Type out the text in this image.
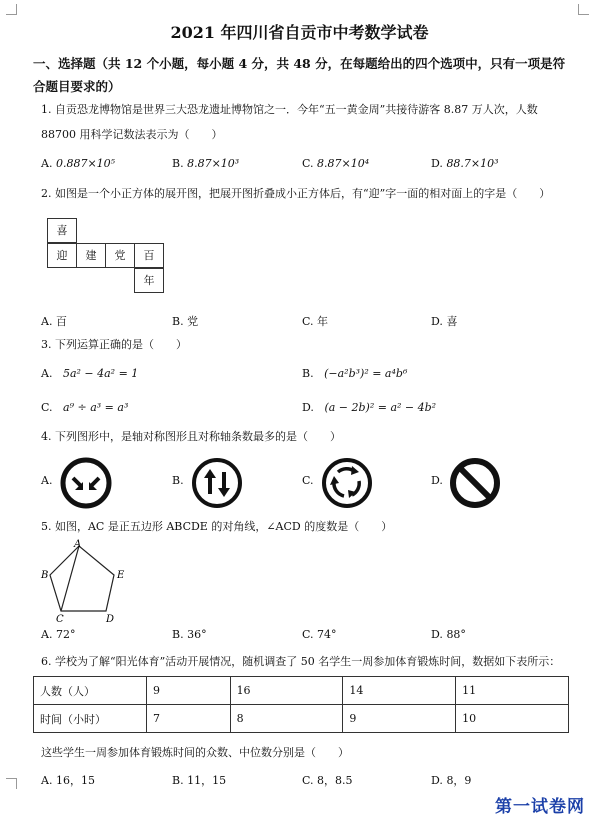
2021 年四川省自贡市中考数学试卷
一、选择题（共 12 个小题，每小题 4 分，共 48 分，在每题给出的四个选项中，只有一项是符合题目要求的）
1. 自贡恐龙博物馆是世界三大恐龙遗址博物馆之一．今年“五一黄金周”共接待游客 8.87 万人次，人数
88700 用科学记数法表示为（　　）
A. 0.887×10⁵	B. 8.87×10³	C. 8.87×10⁴	D. 88.7×10³
2. 如图是一个小正方体的展开图，把展开图折叠成小正方体后，有“迎”字一面的相对面上的字是（　　）
喜
迎	建	党	百
年
A. 百	B. 党	C. 年	D. 喜
3. 下列运算正确的是（　　）
A. 5a² − 4a² = 1	B. (−a²b³)² = a⁴b⁶
C. a⁹ ÷ a³ = a³	D. (a − 2b)² = a² − 4b²
4. 下列图形中，是轴对称图形且对称轴条数最多的是（　　）
A.	B.	C.	D.
5. 如图，AC 是正五边形 ABCDE 的对角线，∠ACD 的度数是（　　）
A
B
C	D
E
A. 72°	B. 36°	C. 74°	D. 88°
6. 学校为了解“阳光体育”活动开展情况，随机调查了 50 名学生一周参加体育锻炼时间，数据如下表所示：
人数（人）	9	16	14	11
时间（小时）	7	8	9	10
这些学生一周参加体育锻炼时间的众数、中位数分别是（　　）
A. 16，15	B. 11，15	C. 8，8.5	D. 8，9
第一试卷网
